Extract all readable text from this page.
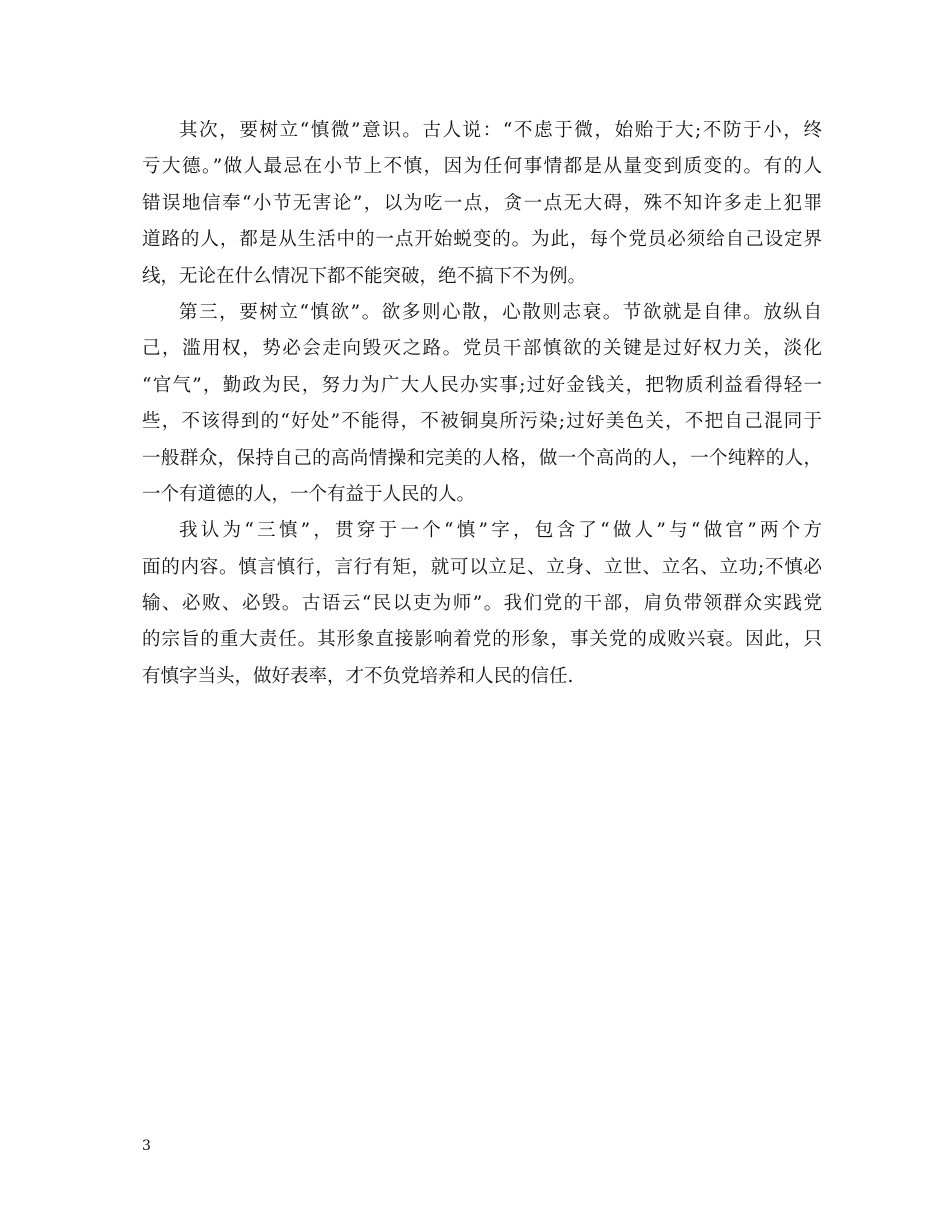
其次，要树立“慎微”意识。古人说：“不虑于微，始贻于大;不防于小，终
亏大德。”做人最忌在小节上不慎，因为任何事情都是从量变到质变的。有的人
错误地信奉“小节无害论”，以为吃一点，贪一点无大碍，殊不知许多走上犯罪
道路的人，都是从生活中的一点开始蜕变的。为此，每个党员必须给自己设定界
线，无论在什么情况下都不能突破，绝不搞下不为例。
第三，要树立“慎欲”。欲多则心散，心散则志衰。节欲就是自律。放纵自
己，滥用权，势必会走向毁灭之路。党员干部慎欲的关键是过好权力关，淡化
“官气”，勤政为民，努力为广大人民办实事;过好金钱关，把物质利益看得轻一
些，不该得到的“好处”不能得，不被铜臭所污染;过好美色关，不把自己混同于
一般群众，保持自己的高尚情操和完美的人格，做一个高尚的人，一个纯粹的人，
一个有道德的人，一个有益于人民的人。
我认为“三慎”，贯穿于一个“慎”字，包含了“做人”与“做官”两个方
面的内容。慎言慎行，言行有矩，就可以立足、立身、立世、立名、立功;不慎必
输、必败、必毁。古语云“民以吏为师”。我们党的干部，肩负带领群众实践党
的宗旨的重大责任。其形象直接影响着党的形象，事关党的成败兴衰。因此，只
有慎字当头，做好表率，才不负党培养和人民的信任.
3
